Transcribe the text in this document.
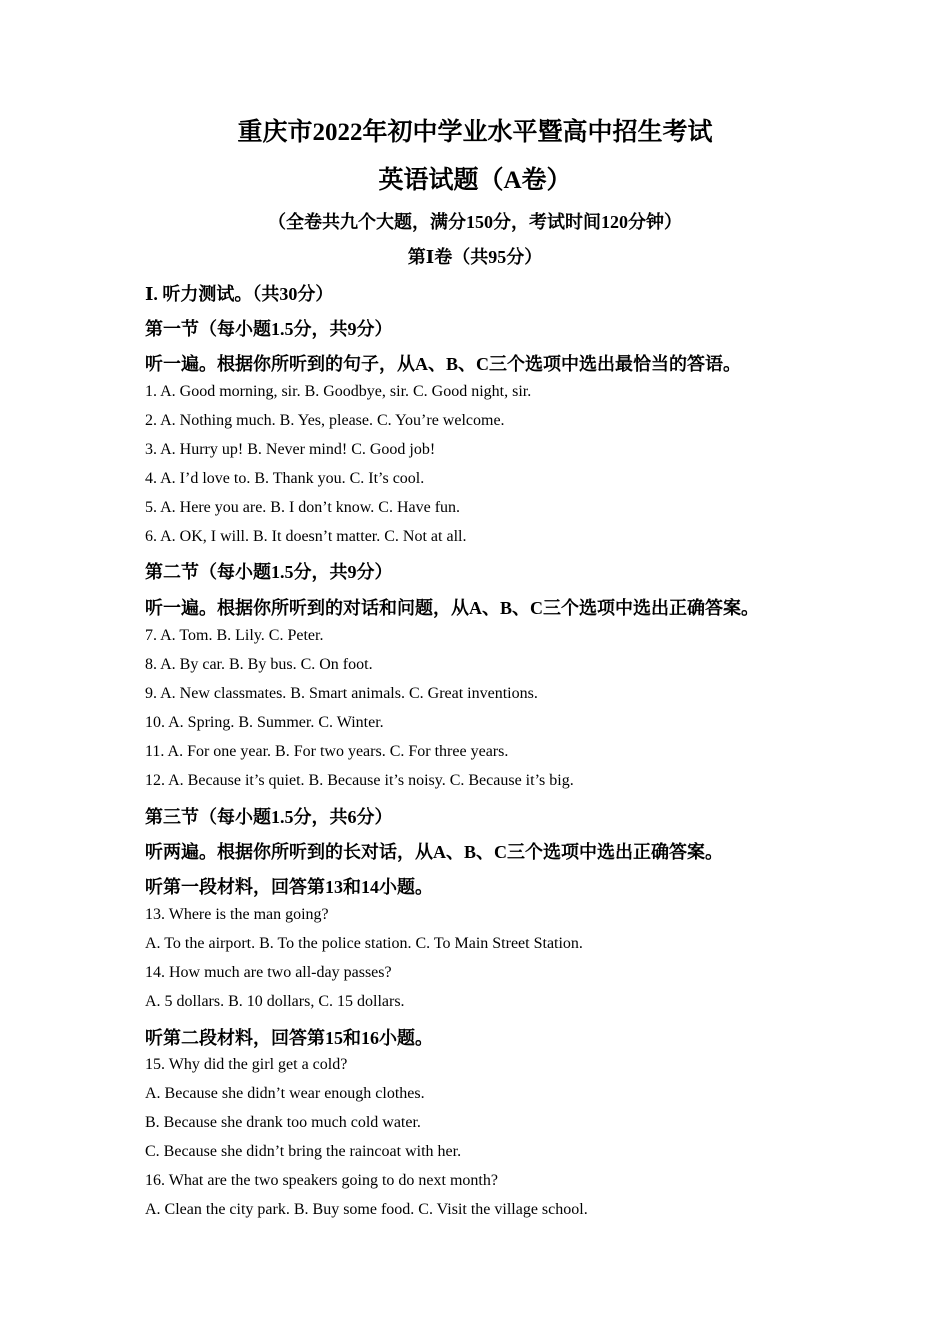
重庆市2022年初中学业水平暨高中招生考试
英语试题（A卷）
（全卷共九个大题，满分150分，考试时间120分钟）
第Ⅰ卷（共95分）
Ⅰ. 听力测试。（共30分）
第一节（每小题1.5分，共9分）
听一遍。根据你所听到的句子，从A、B、C三个选项中选出最恰当的答语。
1. A. Good morning, sir. B. Goodbye, sir. C. Good night, sir.
2. A. Nothing much. B. Yes, please. C. You’re welcome.
3. A. Hurry up! B. Never mind! C. Good job!
4. A. I’d love to. B. Thank you. C. It’s cool.
5. A. Here you are. B. I don’t know. C. Have fun.
6. A. OK, I will. B. It doesn’t matter. C. Not at all.
第二节（每小题1.5分，共9分）
听一遍。根据你所听到的对话和问题，从A、B、C三个选项中选出正确答案。
7. A. Tom. B. Lily. C. Peter.
8. A. By car. B. By bus. C. On foot.
9. A. New classmates. B. Smart animals. C. Great inventions.
10. A. Spring. B. Summer. C. Winter.
11. A. For one year. B. For two years. C. For three years.
12. A. Because it’s quiet. B. Because it’s noisy. C. Because it’s big.
第三节（每小题1.5分，共6分）
听两遍。根据你所听到的长对话，从A、B、C三个选项中选出正确答案。
听第一段材料，回答第13和14小题。
13. Where is the man going?
A. To the airport. B. To the police station. C. To Main Street Station.
14. How much are two all-day passes?
A. 5 dollars. B. 10 dollars, C. 15 dollars.
听第二段材料，回答第15和16小题。
15. Why did the girl get a cold?
A. Because she didn’t wear enough clothes.
B. Because she drank too much cold water.
C. Because she didn’t bring the raincoat with her.
16. What are the two speakers going to do next month?
A. Clean the city park. B. Buy some food. C. Visit the village school.
